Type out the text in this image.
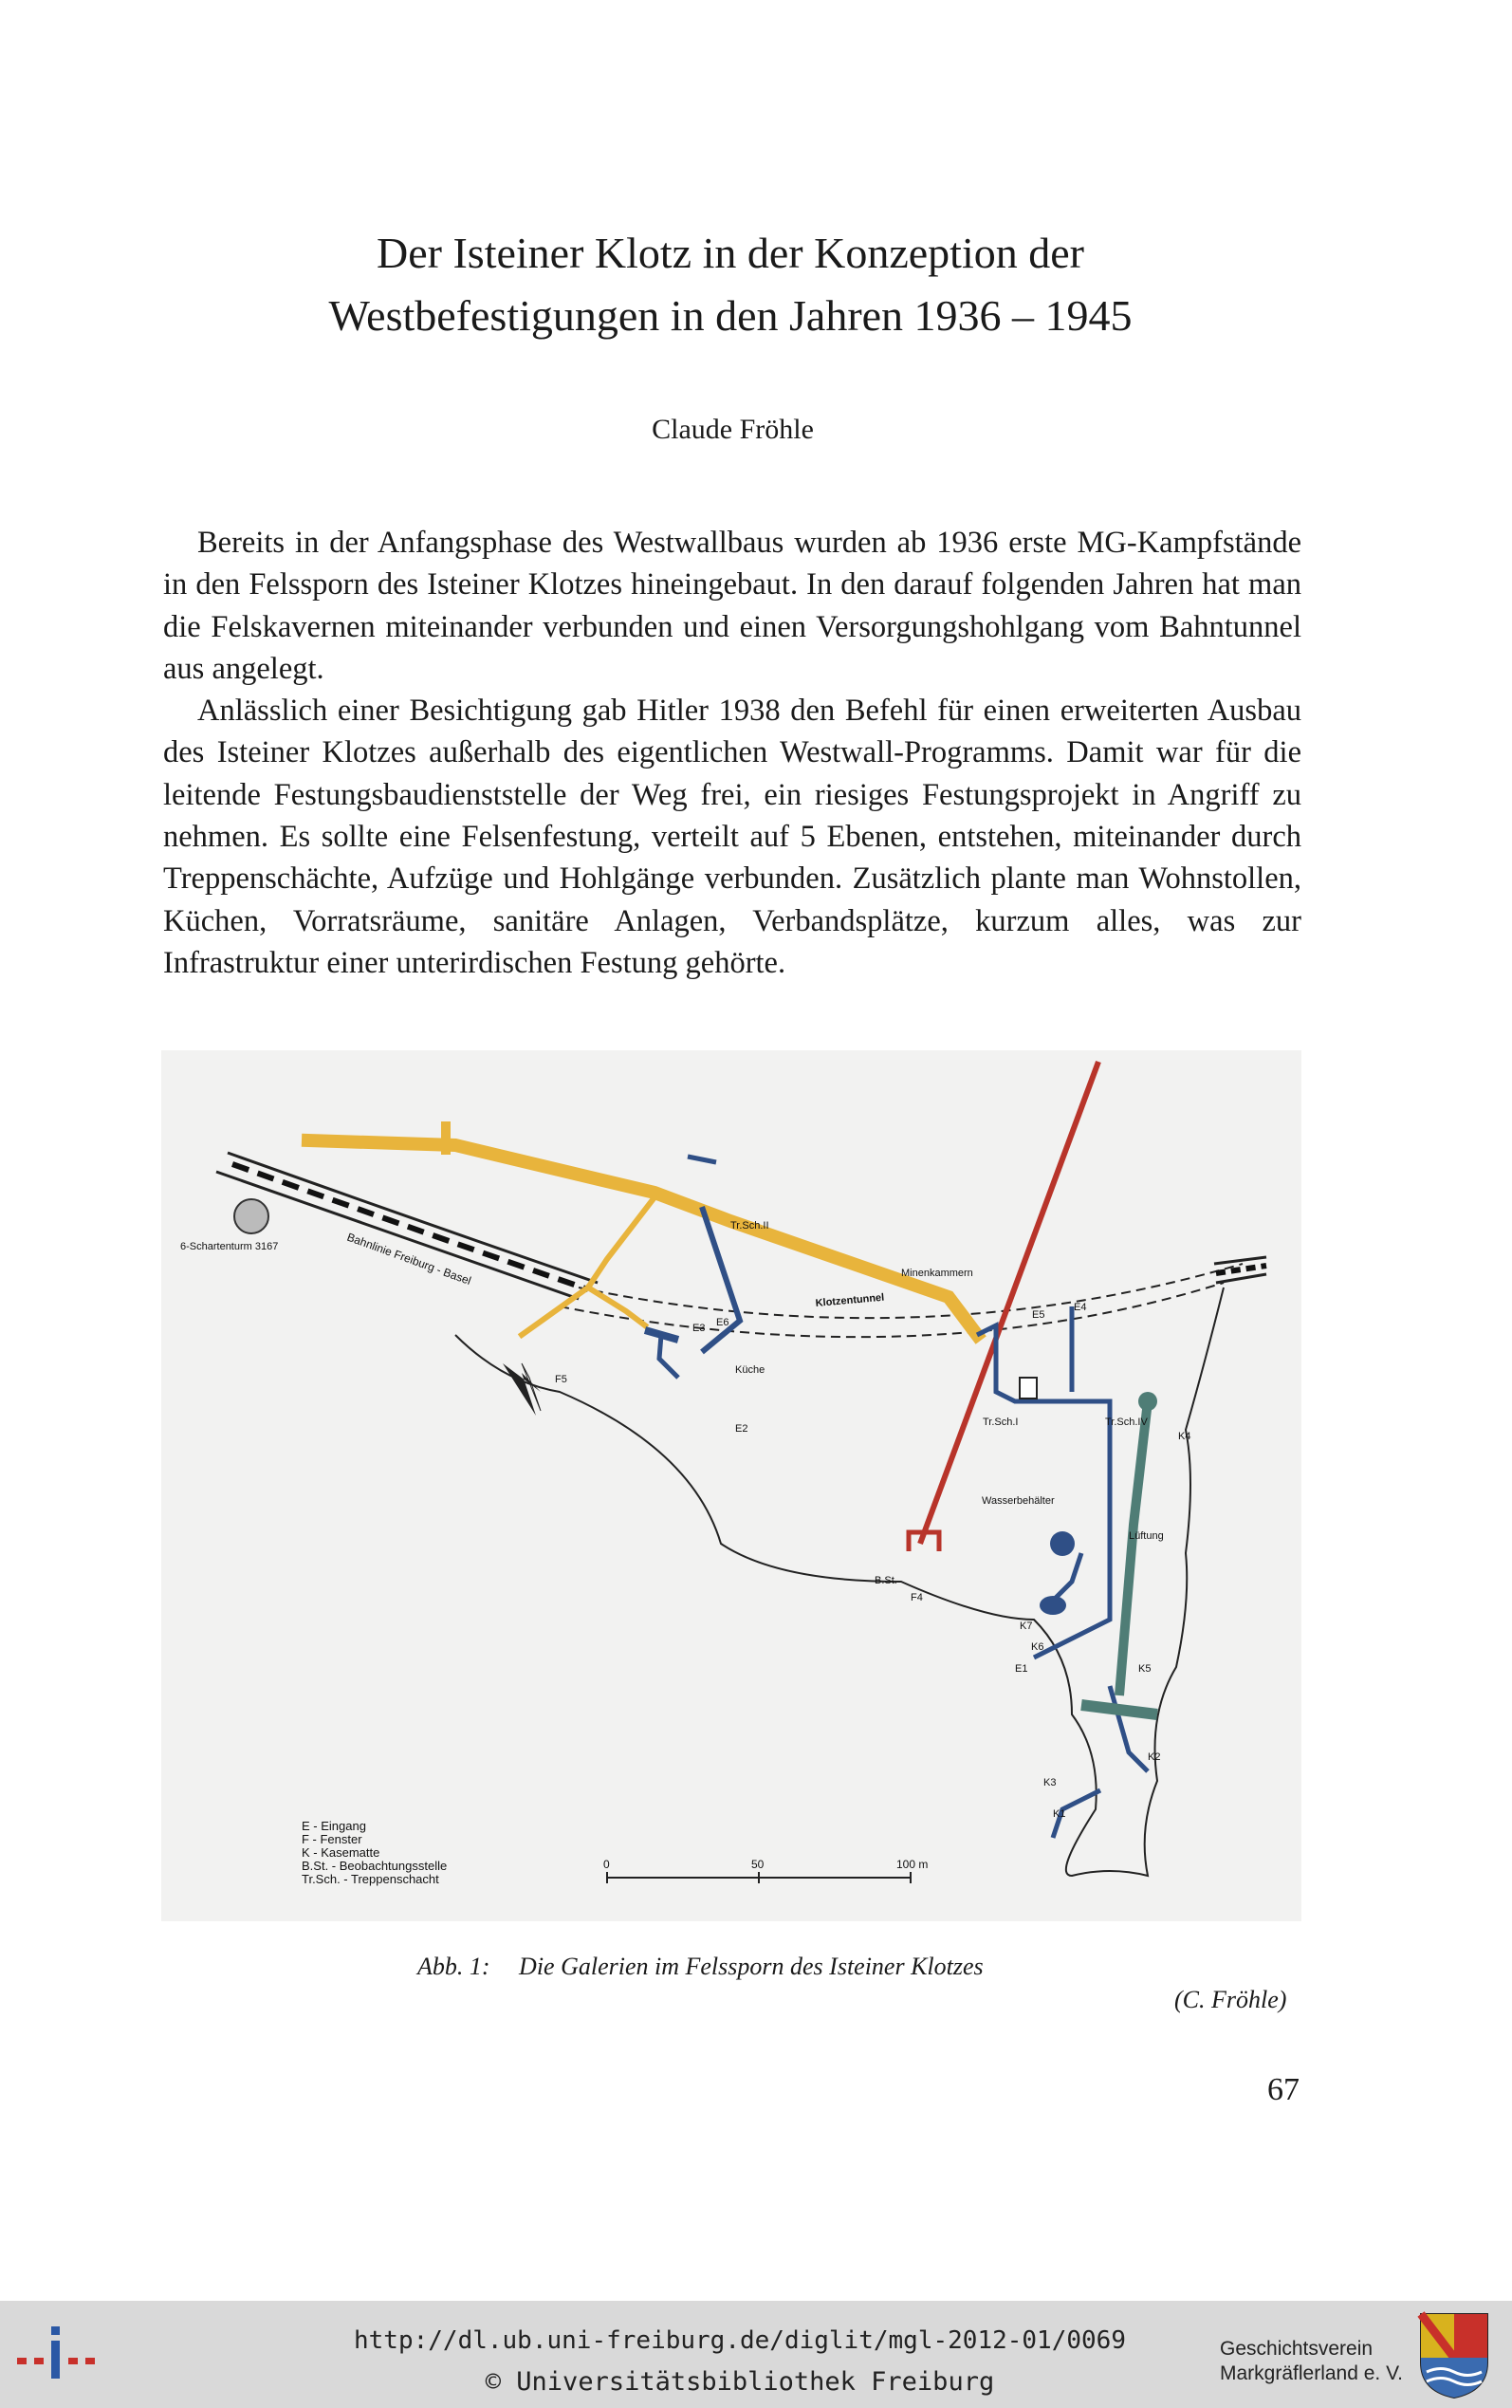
Der Isteiner Klotz in der Konzeption der
Westbefestigungen in den Jahren 1936 – 1945
Claude Fröhle

Bereits in der Anfangsphase des Westwallbaus wurden ab 1936 erste MG-Kampfstände in den Felssporn des Isteiner Klotzes hineingebaut. In den darauf folgenden Jahren hat man die Felskavernen miteinander verbunden und einen Versorgungshohlgang vom Bahntunnel aus angelegt.

Anlässlich einer Besichtigung gab Hitler 1938 den Befehl für einen erweiterten Ausbau des Isteiner Klotzes außerhalb des eigentlichen Westwall-Programms. Damit war für die leitende Festungsbaudienststelle der Weg frei, ein riesiges Festungsprojekt in Angriff zu nehmen. Es sollte eine Felsenfestung, verteilt auf 5 Ebenen, entstehen, miteinander durch Treppenschächte, Aufzüge und Hohlgänge verbunden. Zusätzlich plante man Wohnstollen, Küchen, Vorratsräume, sanitäre Anlagen, Verbandsplätze, kurzum alles, was zur Infrastruktur einer unterirdischen Festung gehörte.

6-Schartenturm 3167	Bahnlinie Freiburg - Basel
Tr.Sch.II
Minenkammern
Klotzentunnel
E3 E6
E5
E4
Küche
F5
E2
Tr.Sch.I	Tr.Sch.IV
K4
Wasserbehälter
Lüftung
B.St.
F4
K7
K6
E1	K5
K2
K3
K1
E - Eingang
F - Fenster
K - Kasematte
B.St. - Beobachtungsstelle
Tr.Sch. - Treppenschacht
0	50	100 m
Abb. 1: Die Galerien im Felssporn des Isteiner Klotzes
(C. Fröhle)
67
http://dl.ub.uni-freiburg.de/diglit/mgl-2012-01/0069
© Universitätsbibliothek Freiburg
Geschichtsverein
Markgräflerland e. V.
